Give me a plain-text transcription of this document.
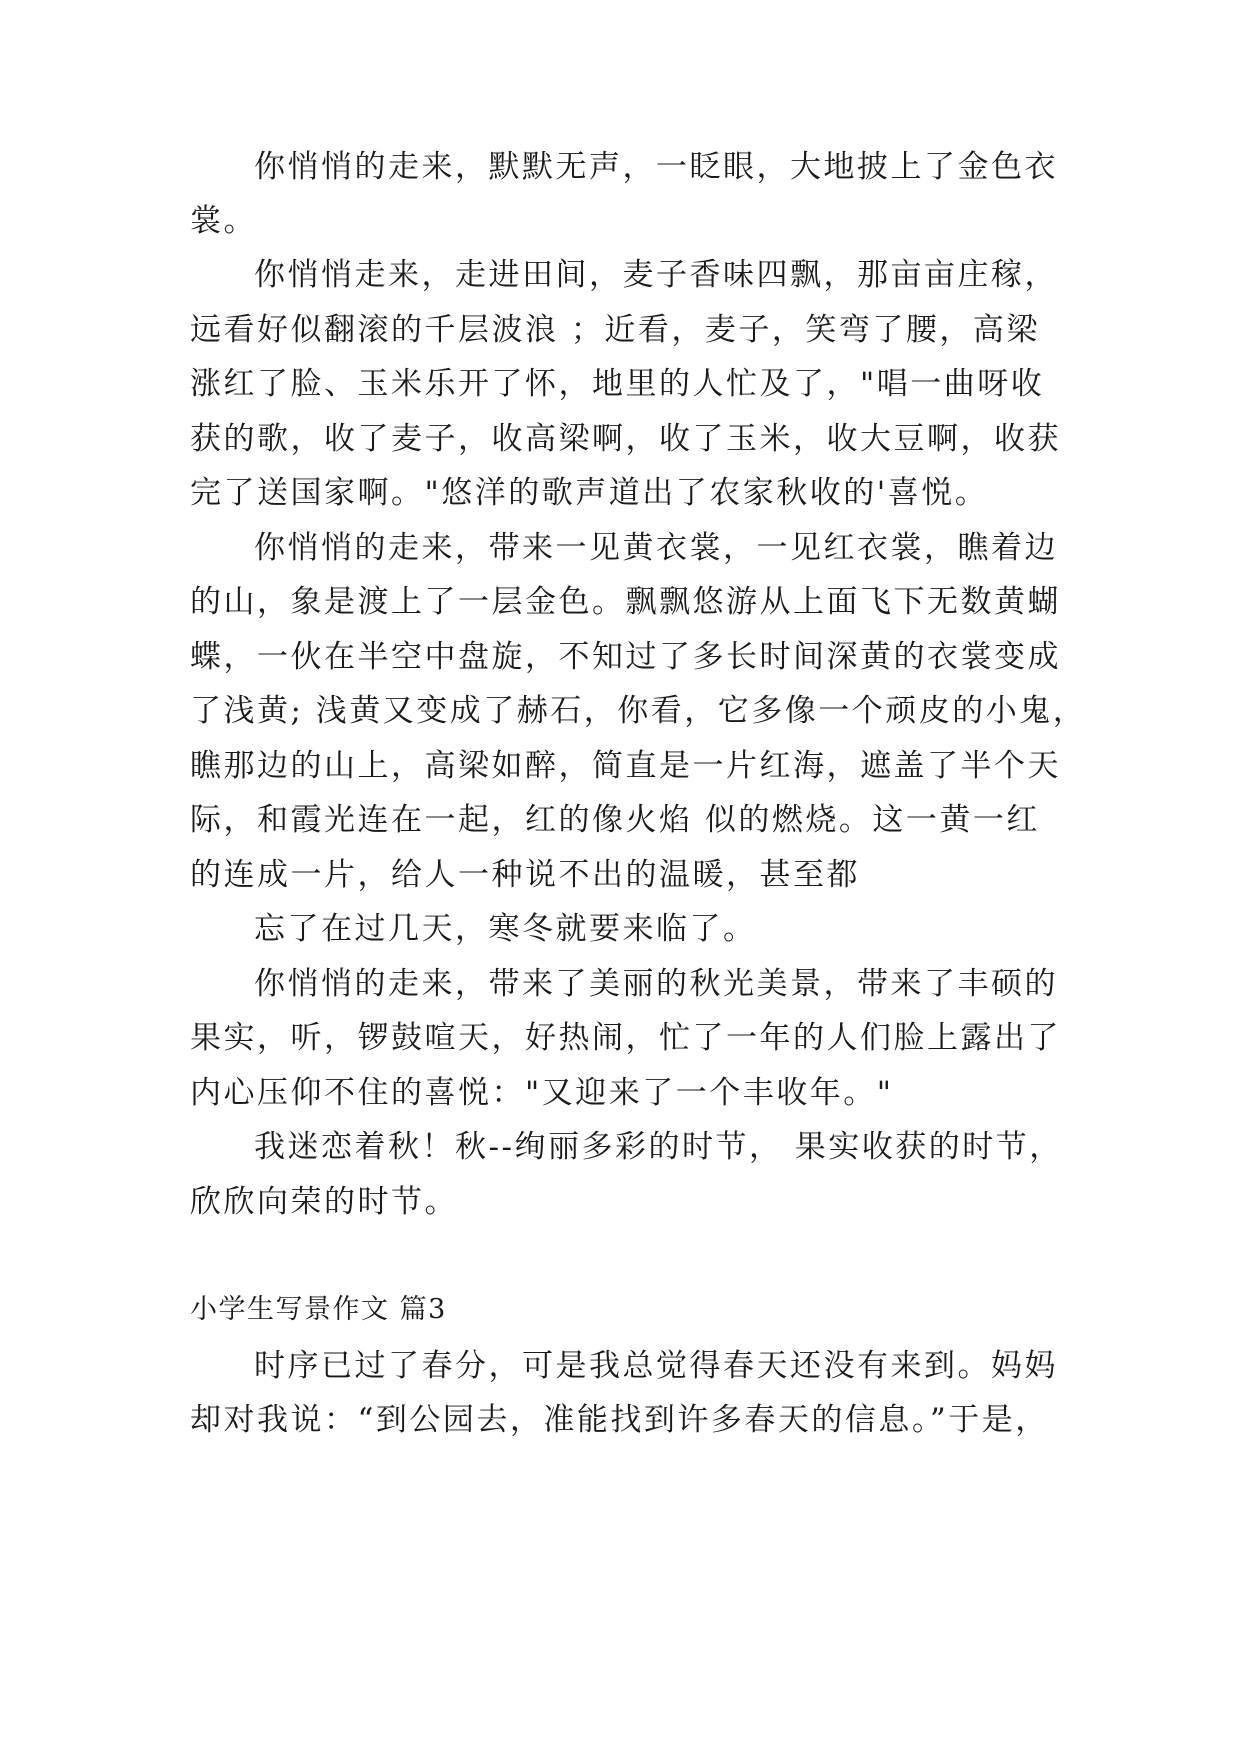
你悄悄的走来，默默无声，一眨眼，大地披上了金色衣
裳。
你悄悄走来，走进田间，麦子香味四飘，那亩亩庄稼，
远看好似翻滚的千层波浪 ；近看，麦子，笑弯了腰，高梁
涨红了脸、玉米乐开了怀，地里的人忙及了，"唱一曲呀收
获的歌，收了麦子，收高梁啊，收了玉米，收大豆啊，收获
完了送国家啊。"悠洋的歌声道出了农家秋收的'喜悦。
你悄悄的走来，带来一见黄衣裳，一见红衣裳，瞧着边
的山，象是渡上了一层金色。飘飘悠游从上面飞下无数黄蝴
蝶，一伙在半空中盘旋，不知过了多长时间深黄的衣裳变成
了浅黄; 浅黄又变成了赫石，你看，它多像一个顽皮的小鬼，
瞧那边的山上，高梁如醉，简直是一片红海，遮盖了半个天
际，和霞光连在一起，红的像火焰 似的燃烧。这一黄一红
的连成一片，给人一种说不出的温暖，甚至都
忘了在过几天，寒冬就要来临了。
你悄悄的走来，带来了美丽的秋光美景，带来了丰硕的
果实，听，锣鼓喧天，好热闹，忙了一年的人们脸上露出了
内心压仰不住的喜悦："又迎来了一个丰收年。"
我迷恋着秋！秋--绚丽多彩的时节， 果实收获的时节，
欣欣向荣的时节。
小学生写景作文 篇3
时序已过了春分，可是我总觉得春天还没有来到。妈妈
却对我说：“到公园去，准能找到许多春天的信息。”于是，
